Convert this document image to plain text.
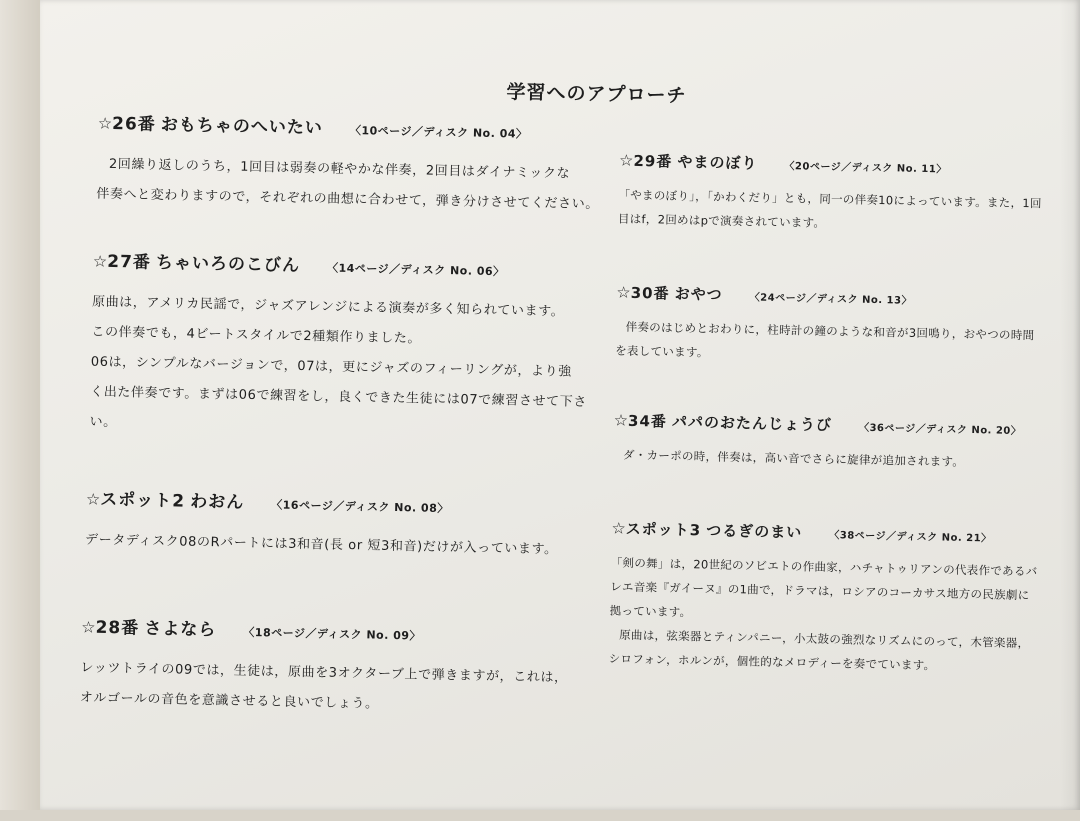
学習へのアプローチ
☆26番 おもちゃのへいたい 〈10ページ／ディスク No. 04〉

2回繰り返しのうち，1回目は弱奏の軽やかな伴奏，2回目はダイナミックな

伴奏へと変わりますので，それぞれの曲想に合わせて，弾き分けさせてください。

☆27番 ちゃいろのこびん 〈14ページ／ディスク No. 06〉

原曲は，アメリカ民謡で，ジャズアレンジによる演奏が多く知られています。

この伴奏でも，4ビートスタイルで2種類作りました。

06は，シンプルなバージョンで，07は，更にジャズのフィーリングが，より強

く出た伴奏です。まずは06で練習をし，良くできた生徒には07で練習させて下さ

い。

☆スポット2 わおん 〈16ページ／ディスク No. 08〉

データディスク08のRパートには3和音(長 or 短3和音)だけが入っています。

☆28番 さよなら 〈18ページ／ディスク No. 09〉

レッツトライの09では，生徒は，原曲を3オクターブ上で弾きますが，これは，

オルゴールの音色を意識させると良いでしょう。

☆29番 やまのぼり	〈20ページ／ディスク No. 11〉

「やまのぼり」，「かわくだり」とも，同一の伴奏10によっています。また，1回

目はf，2回めはpで演奏されています。

☆30番 おやつ	〈24ページ／ディスク No. 13〉

伴奏のはじめとおわりに，柱時計の鐘のような和音が3回鳴り，おやつの時間

を表しています。

☆34番 パパのおたんじょうび	〈36ページ／ディスク No. 20〉

ダ・カーポの時，伴奏は，高い音でさらに旋律が追加されます。

☆スポット3 つるぎのまい	〈38ページ／ディスク No. 21〉

「剣の舞」は，20世紀のソビエトの作曲家，ハチャトゥリアンの代表作であるバ

レエ音楽『ガイーヌ』の1曲で，ドラマは，ロシアのコーカサス地方の民族劇に

拠っています。

原曲は，弦楽器とティンパニー，小太鼓の強烈なリズムにのって，木管楽器，

シロフォン，ホルンが，個性的なメロディーを奏でています。
